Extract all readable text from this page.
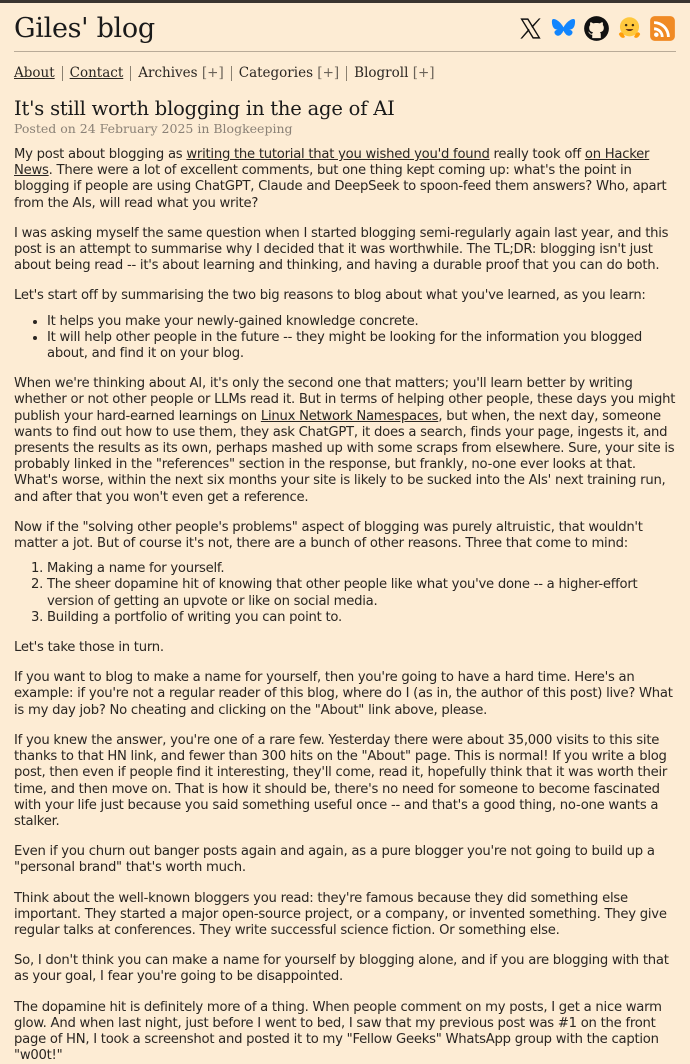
Giles' blog
About	Contact	Archives [+]	Categories [+]	Blogroll [+]
It's still worth blogging in the age of AI
Posted on 24 February 2025 in Blogkeeping

My post about blogging as writing the tutorial that you wished you'd found really took off on Hacker News. There were a lot of excellent comments, but one thing kept coming up: what's the point in blogging if people are using ChatGPT, Claude and DeepSeek to spoon-feed them answers? Who, apart from the AIs, will read what you write?

I was asking myself the same question when I started blogging semi-regularly again last year, and this post is an attempt to summarise why I decided that it was worthwhile. The TL;DR: blogging isn't just about being read -- it's about learning and thinking, and having a durable proof that you can do both.

Let's start off by summarising the two big reasons to blog about what you've learned, as you learn:

• It helps you make your newly-gained knowledge concrete.
• It will help other people in the future -- they might be looking for the information you blogged about, and find it on your blog.

When we're thinking about AI, it's only the second one that matters; you'll learn better by writing whether or not other people or LLMs read it. But in terms of helping other people, these days you might publish your hard-earned learnings on Linux Network Namespaces, but when, the next day, someone wants to find out how to use them, they ask ChatGPT, it does a search, finds your page, ingests it, and presents the results as its own, perhaps mashed up with some scraps from elsewhere. Sure, your site is probably linked in the "references" section in the response, but frankly, no-one ever looks at that. What's worse, within the next six months your site is likely to be sucked into the AIs' next training run, and after that you won't even get a reference.

Now if the "solving other people's problems" aspect of blogging was purely altruistic, that wouldn't matter a jot. But of course it's not, there are a bunch of other reasons. Three that come to mind:

1. Making a name for yourself.
2. The sheer dopamine hit of knowing that other people like what you've done -- a higher-effort version of getting an upvote or like on social media.
3. Building a portfolio of writing you can point to.

Let's take those in turn.

If you want to blog to make a name for yourself, then you're going to have a hard time. Here's an example: if you're not a regular reader of this blog, where do I (as in, the author of this post) live? What is my day job? No cheating and clicking on the "About" link above, please.

If you knew the answer, you're one of a rare few. Yesterday there were about 35,000 visits to this site thanks to that HN link, and fewer than 300 hits on the "About" page. This is normal! If you write a blog post, then even if people find it interesting, they'll come, read it, hopefully think that it was worth their time, and then move on. That is how it should be, there's no need for someone to become fascinated with your life just because you said something useful once -- and that's a good thing, no-one wants a stalker.

Even if you churn out banger posts again and again, as a pure blogger you're not going to build up a "personal brand" that's worth much.

Think about the well-known bloggers you read: they're famous because they did something else important. They started a major open-source project, or a company, or invented something. They give regular talks at conferences. They write successful science fiction. Or something else.

So, I don't think you can make a name for yourself by blogging alone, and if you are blogging with that as your goal, I fear you're going to be disappointed.

The dopamine hit is definitely more of a thing. When people comment on my posts, I get a nice warm glow. And when last night, just before I went to bed, I saw that my previous post was #1 on the front page of HN, I took a screenshot and posted it to my "Fellow Geeks" WhatsApp group with the caption "w00t!"
